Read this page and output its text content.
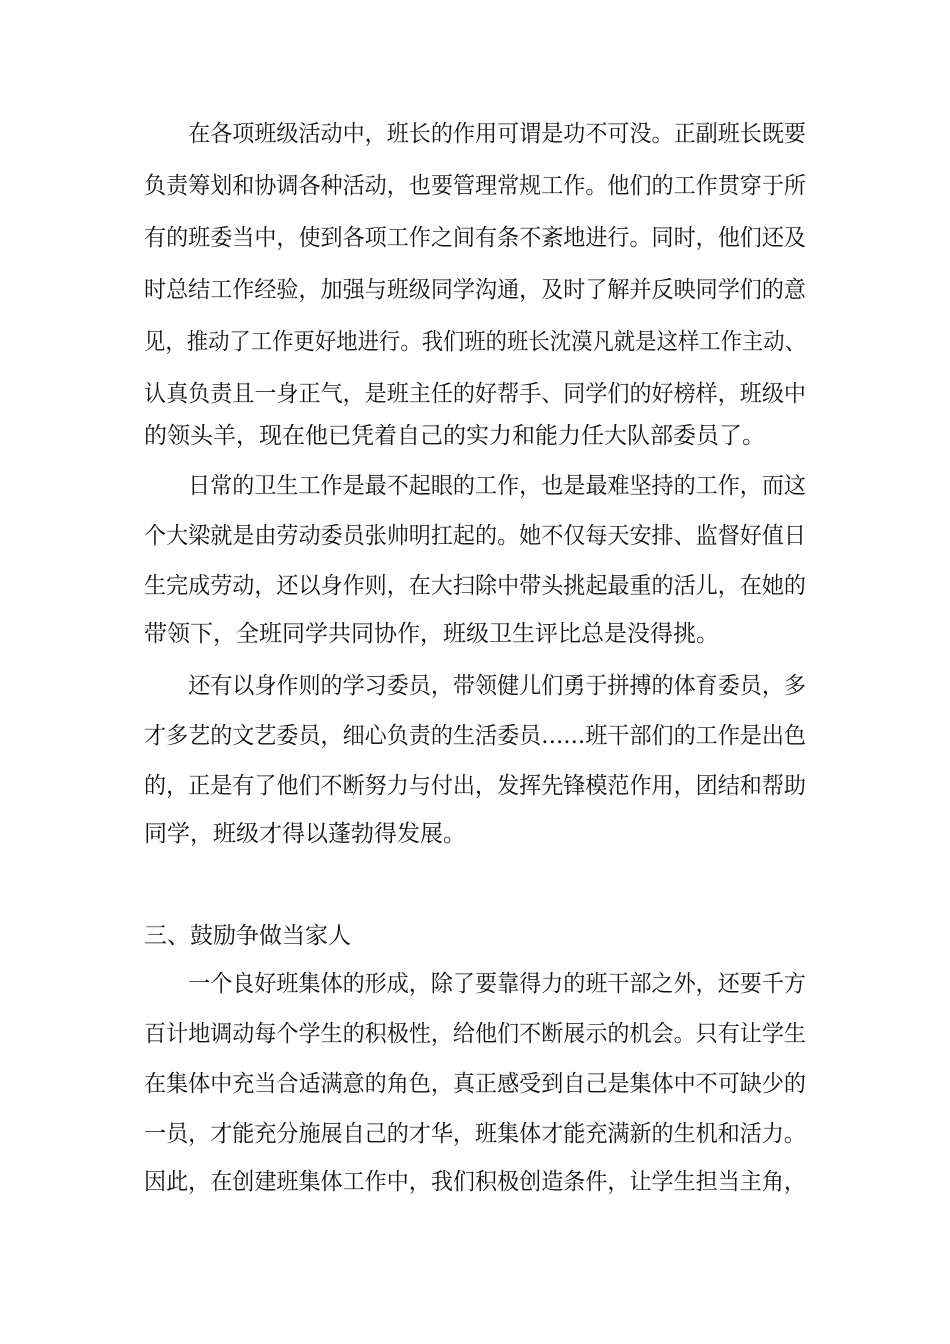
　　在各项班级活动中，班长的作用可谓是功不可没。正副班长既要

负责筹划和协调各种活动，也要管理常规工作。他们的工作贯穿于所

有的班委当中，使到各项工作之间有条不紊地进行。同时，他们还及

时总结工作经验，加强与班级同学沟通，及时了解并反映同学们的意

见，推动了工作更好地进行。我们班的班长沈漠凡就是这样工作主动、

认真负责且一身正气，是班主任的好帮手、同学们的好榜样，班级中

的领头羊，现在他已凭着自己的实力和能力任大队部委员了。

　　日常的卫生工作是最不起眼的工作，也是最难坚持的工作，而这

个大梁就是由劳动委员张帅明扛起的。她不仅每天安排、监督好值日

生完成劳动，还以身作则，在大扫除中带头挑起最重的活儿，在她的

带领下，全班同学共同协作，班级卫生评比总是没得挑。

　　还有以身作则的学习委员，带领健儿们勇于拼搏的体育委员，多

才多艺的文艺委员，细心负责的生活委员……班干部们的工作是出色

的，正是有了他们不断努力与付出，发挥先锋模范作用，团结和帮助

同学，班级才得以蓬勃得发展。

三、鼓励争做当家人

　　一个良好班集体的形成，除了要靠得力的班干部之外，还要千方

百计地调动每个学生的积极性，给他们不断展示的机会。只有让学生

在集体中充当合适满意的角色，真正感受到自己是集体中不可缺少的

一员，才能充分施展自己的才华，班集体才能充满新的生机和活力。

因此，在创建班集体工作中，我们积极创造条件，让学生担当主角，
